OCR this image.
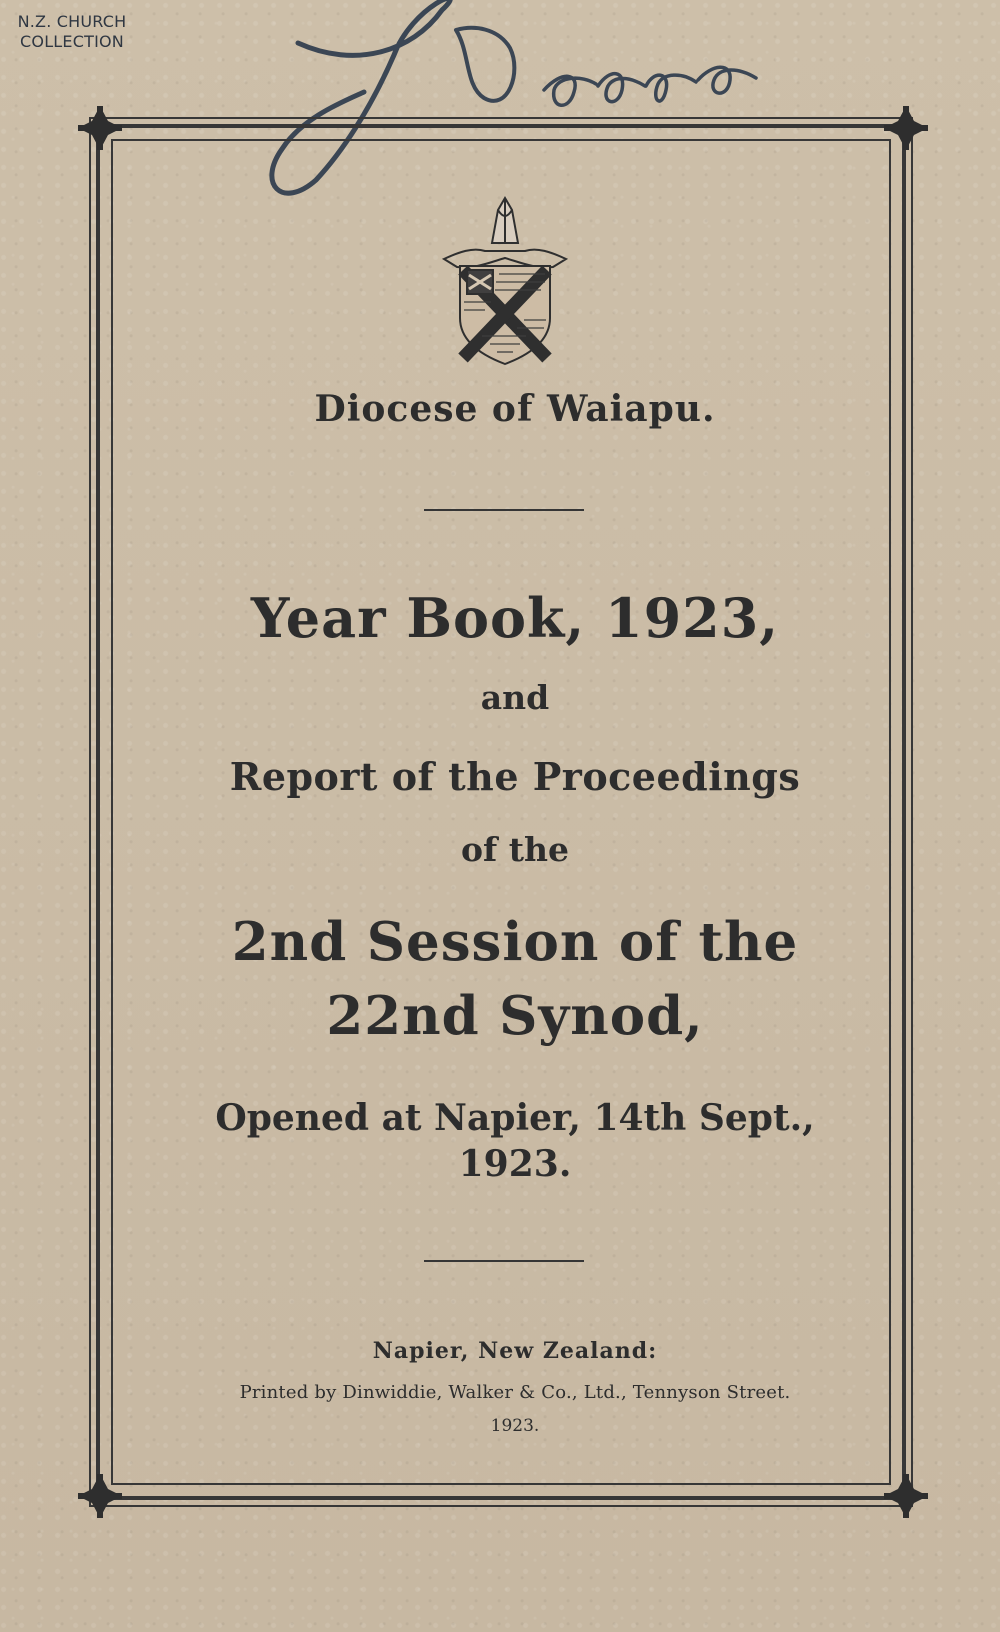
N.Z. CHURCH
COLLECTION
Diocese of Waiapu.
Year Book, 1923,
and
Report of the Proceedings
of the
2nd Session of the
22nd Synod,
Opened at Napier, 14th Sept.,
1923.
Napier, New Zealand:
Printed by Dinwiddie, Walker & Co., Ltd., Tennyson Street.
1923.
